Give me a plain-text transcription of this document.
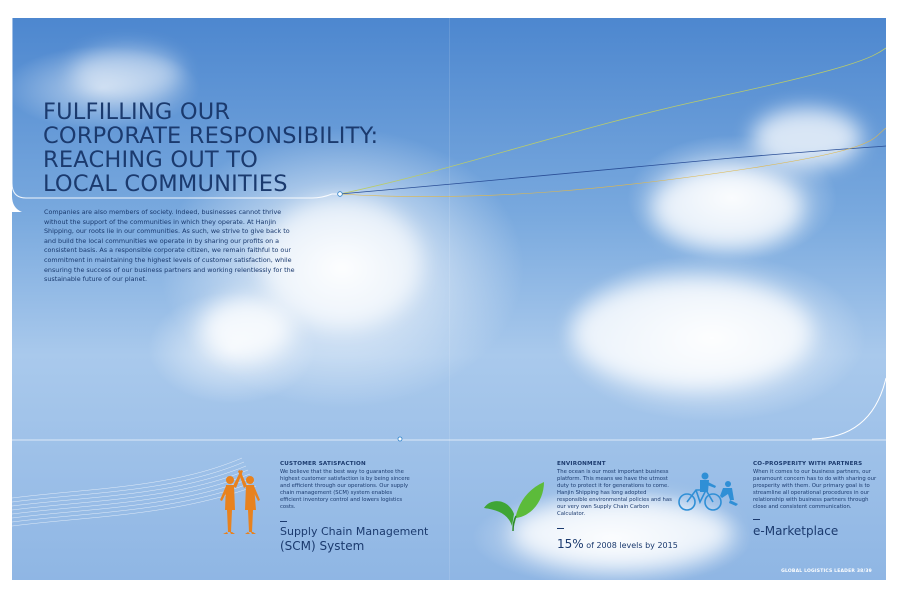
FULFILLING OUR
CORPORATE RESPONSIBILITY:
REACHING OUT TO
LOCAL COMMUNITIES

Companies are also members of society. Indeed, businesses cannot thrive without the support of the communities in which they operate. At Hanjin Shipping, our roots lie in our communities. As such, we strive to give back to and build the local communities we operate in by sharing our profits on a consistent basis. As a responsible corporate citizen, we remain faithful to our commitment in maintaining the highest levels of customer satisfaction, while ensuring the success of our business partners and working relentlessly for the sustainable future of our planet.

CUSTOMER SATISFACTION

We believe that the best way to guarantee the highest customer satisfaction is by being sincere and efficient through our operations. Our supply chain management (SCM) system enables efficient inventory control and lowers logistics costs.

Supply Chain Management
(SCM) System
ENVIRONMENT

The ocean is our most important business platform. This means we have the utmost duty to protect it for generations to come. Hanjin Shipping has long adopted responsible environmental policies and has our very own Supply Chain Carbon Calculator.

15% of 2008 levels by 2015
CO-PROSPERITY WITH PARTNERS

When it comes to our business partners, our paramount concern has to do with sharing our prosperity with them. Our primary goal is to streamline all operational procedures in our relationship with business partners through close and consistent communication.

e-Marketplace
GLOBAL LOGISTICS LEADER 38/39
